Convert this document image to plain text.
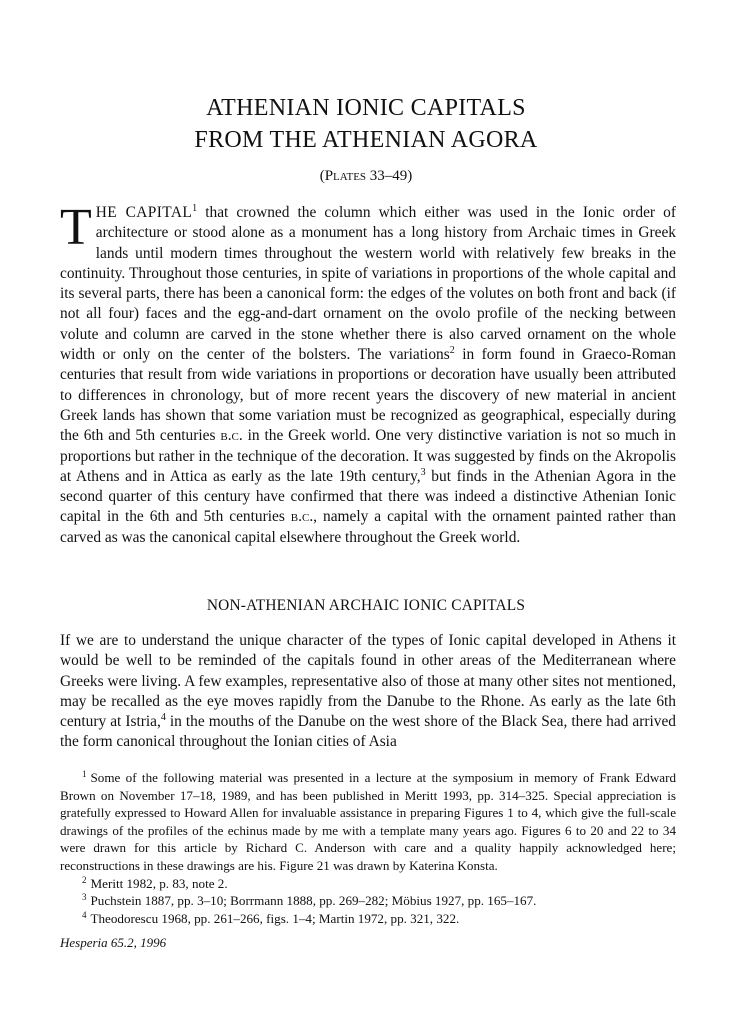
ATHENIAN IONIC CAPITALS
FROM THE ATHENIAN AGORA
(Plates 33–49)

THE CAPITAL$^1$ that crowned the column which either was used in the Ionic order of architecture or stood alone as a monument has a long history from Archaic times in Greek lands until modern times throughout the western world with relatively few breaks in the continuity. Throughout those centuries, in spite of variations in proportions of the whole capital and its several parts, there has been a canonical form: the edges of the volutes on both front and back (if not all four) faces and the egg-and-dart ornament on the ovolo profile of the necking between volute and column are carved in the stone whether there is also carved ornament on the whole width or only on the center of the bolsters. The variations$^2$ in form found in Graeco-Roman centuries that result from wide variations in proportions or decoration have usually been attributed to differences in chronology, but of more recent years the discovery of new material in ancient Greek lands has shown that some variation must be recognized as geographical, especially during the 6th and 5th centuries b.c. in the Greek world. One very distinctive variation is not so much in proportions but rather in the technique of the decoration. It was suggested by finds on the Akropolis at Athens and in Attica as early as the late 19th century,$^3$ but finds in the Athenian Agora in the second quarter of this century have confirmed that there was indeed a distinctive Athenian Ionic capital in the 6th and 5th centuries b.c., namely a capital with the ornament painted rather than carved as was the canonical capital elsewhere throughout the Greek world.

NON-ATHENIAN ARCHAIC IONIC CAPITALS

If we are to understand the unique character of the types of Ionic capital developed in Athens it would be well to be reminded of the capitals found in other areas of the Mediterranean where Greeks were living. A few examples, representative also of those at many other sites not mentioned, may be recalled as the eye moves rapidly from the Danube to the Rhone. As early as the late 6th century at Istria,$^4$ in the mouths of the Danube on the west shore of the Black Sea, there had arrived the form canonical throughout the Ionian cities of Asia

$^1$ Some of the following material was presented in a lecture at the symposium in memory of Frank Edward Brown on November 17–18, 1989, and has been published in Meritt 1993, pp. 314–325. Special appreciation is gratefully expressed to Howard Allen for invaluable assistance in preparing Figures 1 to 4, which give the full-scale drawings of the profiles of the echinus made by me with a template many years ago. Figures 6 to 20 and 22 to 34 were drawn for this article by Richard C. Anderson with care and a quality happily acknowledged here; reconstructions in these drawings are his. Figure 21 was drawn by Katerina Konsta.

$^2$ Meritt 1982, p. 83, note 2.

$^3$ Puchstein 1887, pp. 3–10; Borrmann 1888, pp. 269–282; Möbius 1927, pp. 165–167.

$^4$ Theodorescu 1968, pp. 261–266, figs. 1–4; Martin 1972, pp. 321, 322.

Hesperia 65.2, 1996
